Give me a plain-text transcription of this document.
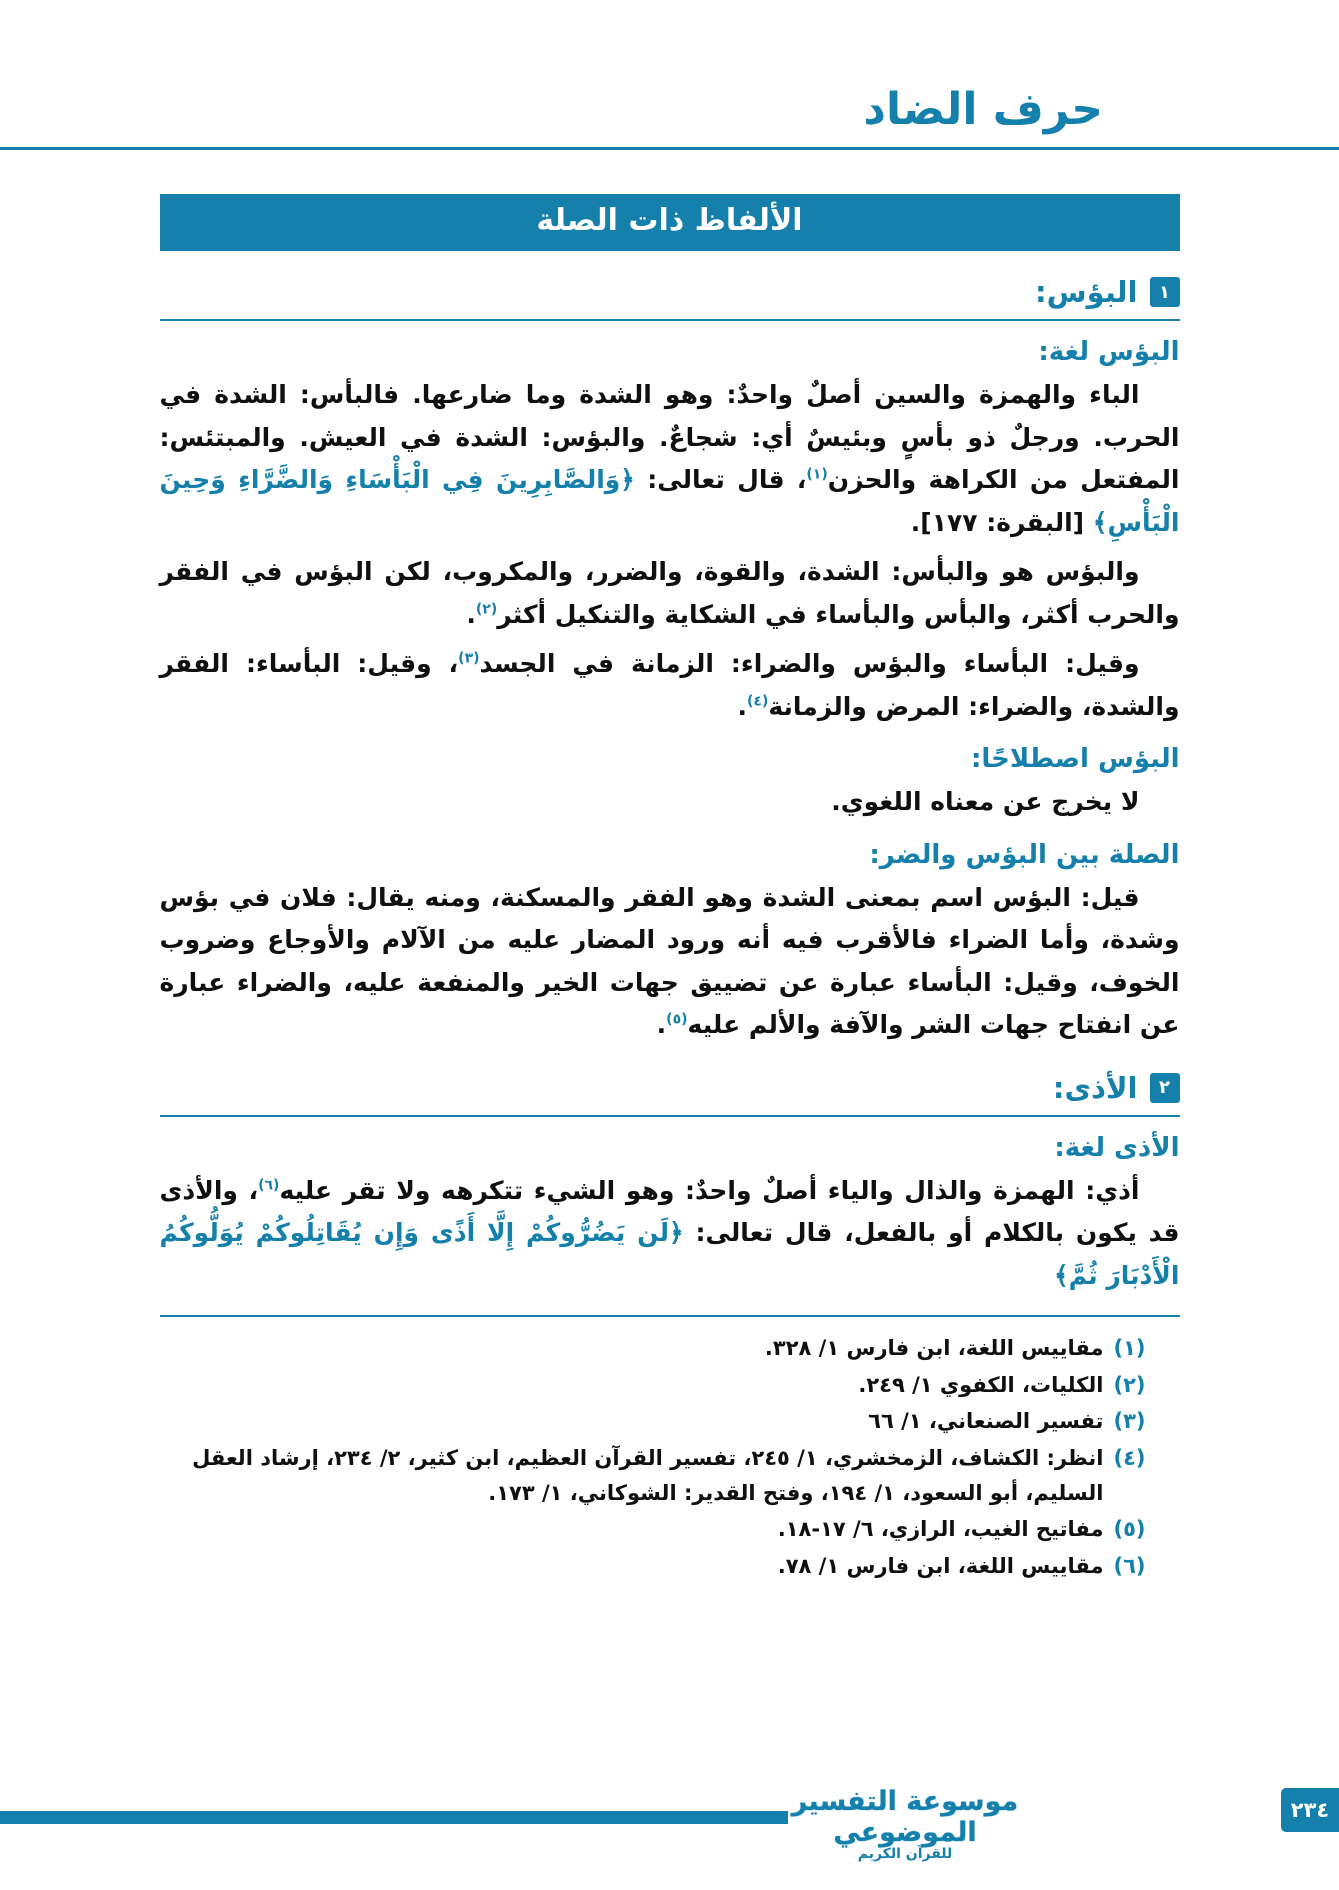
حرف الضاد
الألفاظ ذات الصلة
١
البؤس:
البؤس لغة:

الباء والهمزة والسين أصلٌ واحدٌ: وهو الشدة وما ضارعها. فالبأس: الشدة في الحرب. ورجلٌ ذو بأسٍ وبئيسٌ أي: شجاعٌ. والبؤس: الشدة في العيش. والمبتئس: المفتعل من الكراهة والحزن$^{(١)}$، قال تعالى: ﴿وَالصَّابِرِينَ فِي الْبَأْسَاءِ وَالضَّرَّاءِ وَحِينَ الْبَأْسِ﴾ [البقرة: ١٧٧].

والبؤس هو والبأس: الشدة، والقوة، والضرر، والمكروب، لكن البؤس في الفقر والحرب أكثر، والبأس والبأساء في الشكاية والتنكيل أكثر$^{(٢)}$.

وقيل: البأساء والبؤس والضراء: الزمانة في الجسد$^{(٣)}$، وقيل: البأساء: الفقر والشدة، والضراء: المرض والزمانة$^{(٤)}$.

البؤس اصطلاحًا:

لا يخرج عن معناه اللغوي.

الصلة بين البؤس والضر:

قيل: البؤس اسم بمعنى الشدة وهو الفقر والمسكنة، ومنه يقال: فلان في بؤس وشدة، وأما الضراء فالأقرب فيه أنه ورود المضار عليه من الآلام والأوجاع وضروب الخوف، وقيل: البأساء عبارة عن تضييق جهات الخير والمنفعة عليه، والضراء عبارة عن انفتاح جهات الشر والآفة والألم عليه$^{(٥)}$.

٢
الأذى:
الأذى لغة:

أذي: الهمزة والذال والياء أصلٌ واحدٌ: وهو الشيء تتكرهه ولا تقر عليه$^{(٦)}$، والأذى قد يكون بالكلام أو بالفعل، قال تعالى: ﴿لَن يَضُرُّوكُمْ إِلَّا أَذًى وَإِن يُقَاتِلُوكُمْ يُوَلُّوكُمُ الْأَدْبَارَ ثُمَّ﴾

(١)
مقاييس اللغة، ابن فارس ١/ ٣٢٨.
(٢)
الكليات، الكفوي ١/ ٢٤٩.
(٣)
تفسير الصنعاني، ١/ ٦٦
(٤)
انظر: الكشاف، الزمخشري، ١/ ٢٤٥، تفسير القرآن العظيم، ابن كثير، ٢/ ٢٣٤، إرشاد العقل السليم، أبو السعود، ١/ ١٩٤، وفتح القدير: الشوكاني، ١/ ١٧٣.
(٥)
مفاتيح الغيب، الرازي، ٦/ ١٧-١٨.
(٦)
مقاييس اللغة، ابن فارس ١/ ٧٨.
موسوعة التفسير الموضوعي
للقرآن الكريم
٢٣٤
